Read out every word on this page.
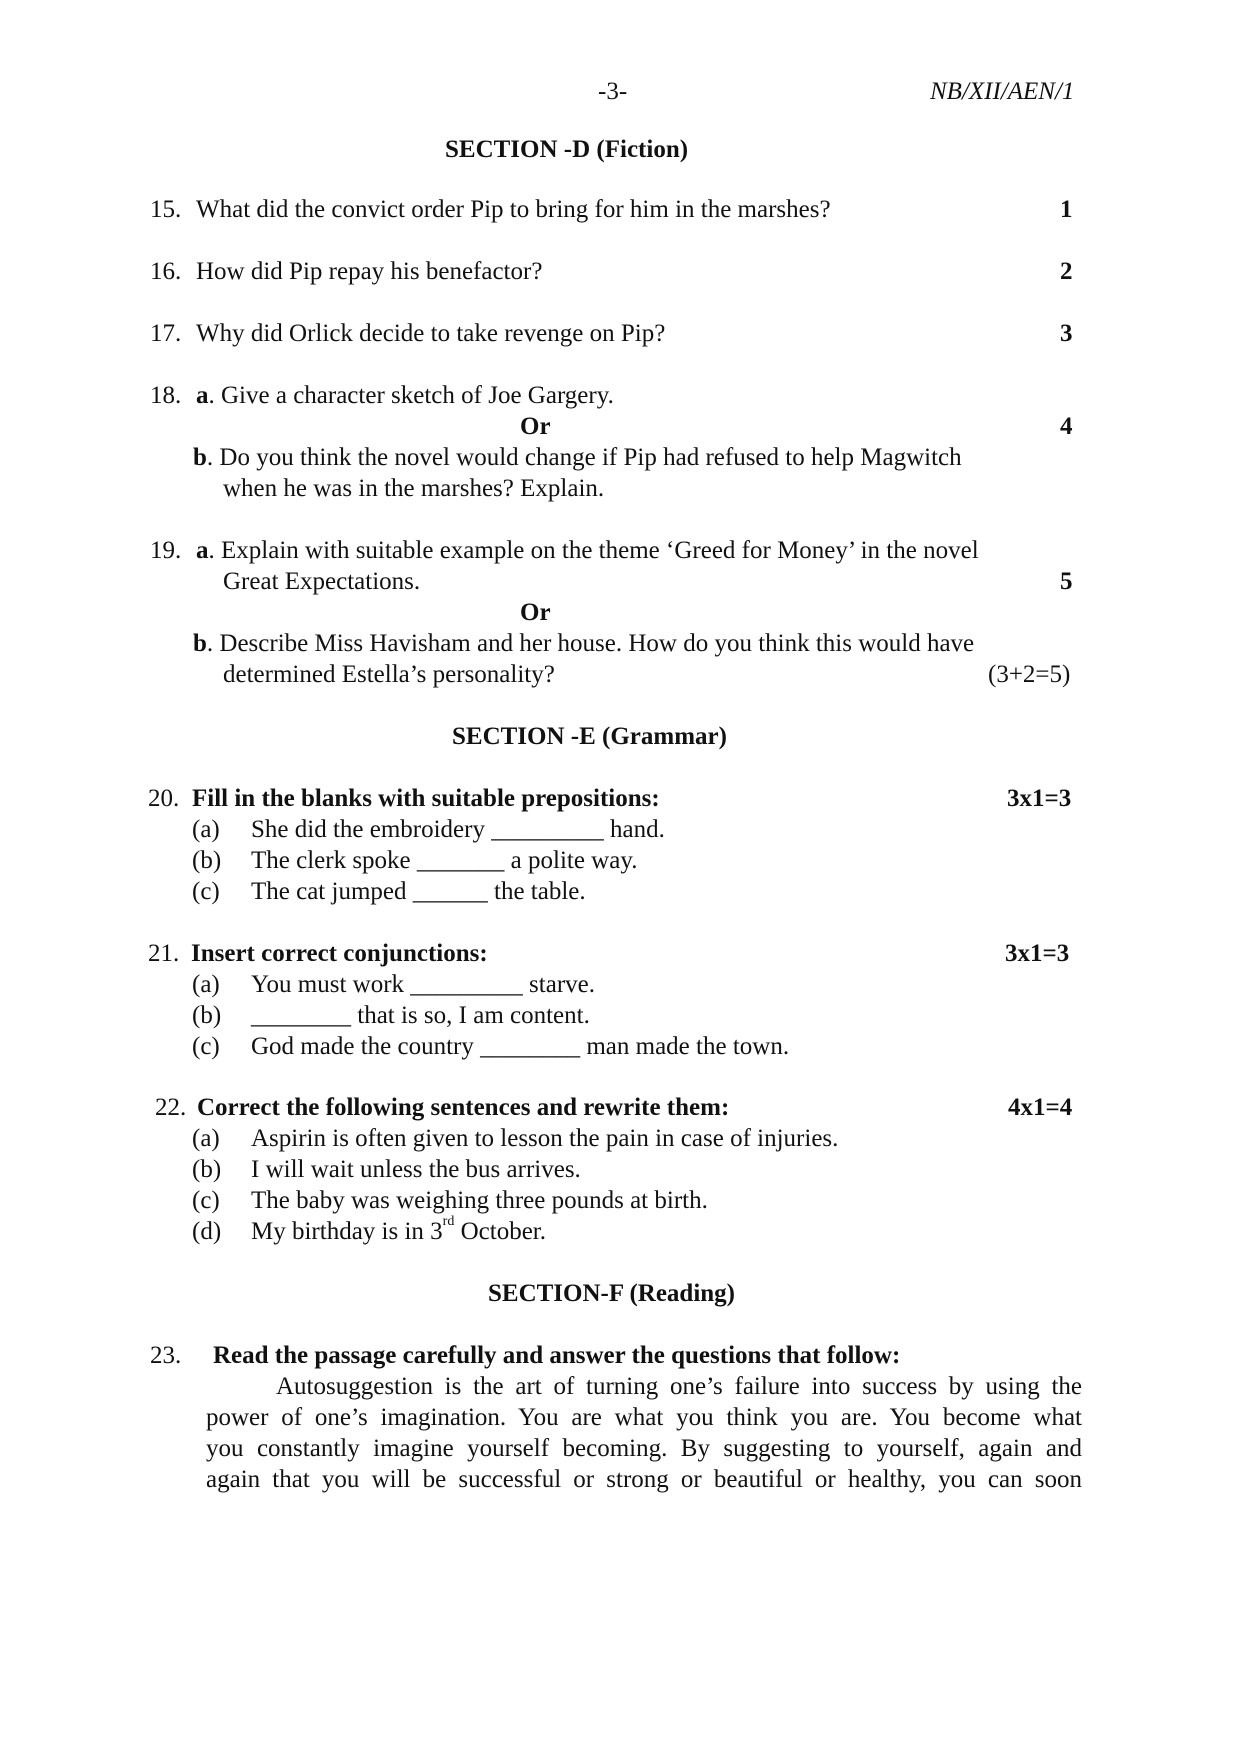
-3-	NB/XII/AEN/1
SECTION -D (Fiction)
15. What did the convict order Pip to bring for him in the marshes?	1
16. How did Pip repay his benefactor?	2
17. Why did Orlick decide to take revenge on Pip?	3
18. a. Give a character sketch of Joe Gargery.
Or	4
b. Do you think the novel would change if Pip had refused to help Magwitch
when he was in the marshes? Explain.
19. a. Explain with suitable example on the theme ‘Greed for Money’ in the novel
Great Expectations.	5
Or
b. Describe Miss Havisham and her house. How do you think this would have
determined Estella’s personality?	(3+2=5)
SECTION -E (Grammar)
20. Fill in the blanks with suitable prepositions:	3x1=3
(a) She did the embroidery _________ hand.
(b) The clerk spoke _______ a polite way.
(c) The cat jumped ______ the table.
21. Insert correct conjunctions:	3x1=3
(a) You must work _________ starve.
(b) ________ that is so, I am content.
(c) God made the country ________ man made the town.
22. Correct the following sentences and rewrite them:	4x1=4
(a) Aspirin is often given to lesson the pain in case of injuries.
(b) I will wait unless the bus arrives.
(c) The baby was weighing three pounds at birth.
(d) My birthday is in 3rd October.
SECTION-F (Reading)
23. Read the passage carefully and answer the questions that follow:
Autosuggestion is the art of turning one’s failure into success by using the
power of one’s imagination. You are what you think you are. You become what
you constantly imagine yourself becoming. By suggesting to yourself, again and
again that you will be successful or strong or beautiful or healthy, you can soon
